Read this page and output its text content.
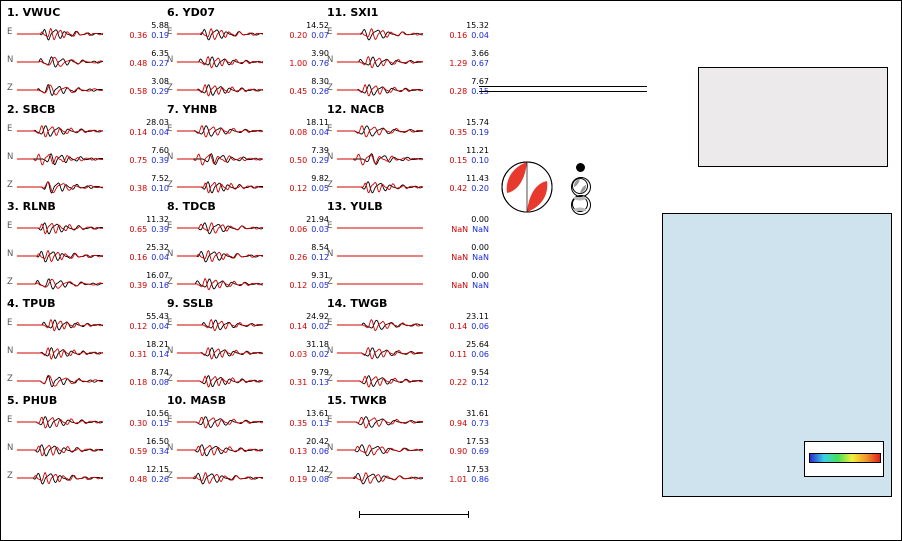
1. VWUC
E
5.88
0.36 0.19
N
6.35
0.48 0.27
Z
3.08
0.58 0.29
2. SBCB
E
28.03
0.14 0.04
N
7.60
0.75 0.39
Z
7.52
0.38 0.10
3. RLNB
E
11.32
0.65 0.39
N
25.32
0.16 0.04
Z
16.07
0.39 0.16
4. TPUB
E
55.43
0.12 0.04
N
18.21
0.31 0.14
Z
8.74
0.18 0.08
5. PHUB
E
10.56
0.30 0.15
N
16.50
0.59 0.34
Z
12.15
0.48 0.26
6. YD07
E
14.52
0.20 0.07
N
3.90
1.00 0.76
Z
8.30
0.45 0.26
7. YHNB
E
18.11
0.08 0.04
N
7.39
0.50 0.29
Z
9.82
0.12 0.05
8. TDCB
E
21.94
0.06 0.03
N
8.54
0.26 0.12
Z
9.31
0.12 0.05
9. SSLB
E
24.92
0.14 0.02
N
31.18
0.03 0.02
Z
9.79
0.31 0.13
10. MASB
E
13.61
0.35 0.13
N
20.42
0.13 0.06
Z
12.42
0.19 0.08
11. SXI1
E
15.32
0.16 0.04
N
3.66
1.29 0.67
Z
7.67
0.28 0.15
12. NACB
E
15.74
0.35 0.19
N
11.21
0.15 0.10
Z
11.43
0.42 0.20
13. YULB
E
0.00
NaN NaN
N
0.00
NaN NaN
Z
0.00
NaN NaN
14. TWGB
E
23.11
0.14 0.06
N
25.64
0.11 0.06
Z
9.54
0.22 0.12
15. TWKB
E
31.61
0.94 0.73
N
17.53
0.90 0.69
Z
17.53
1.01 0.86
